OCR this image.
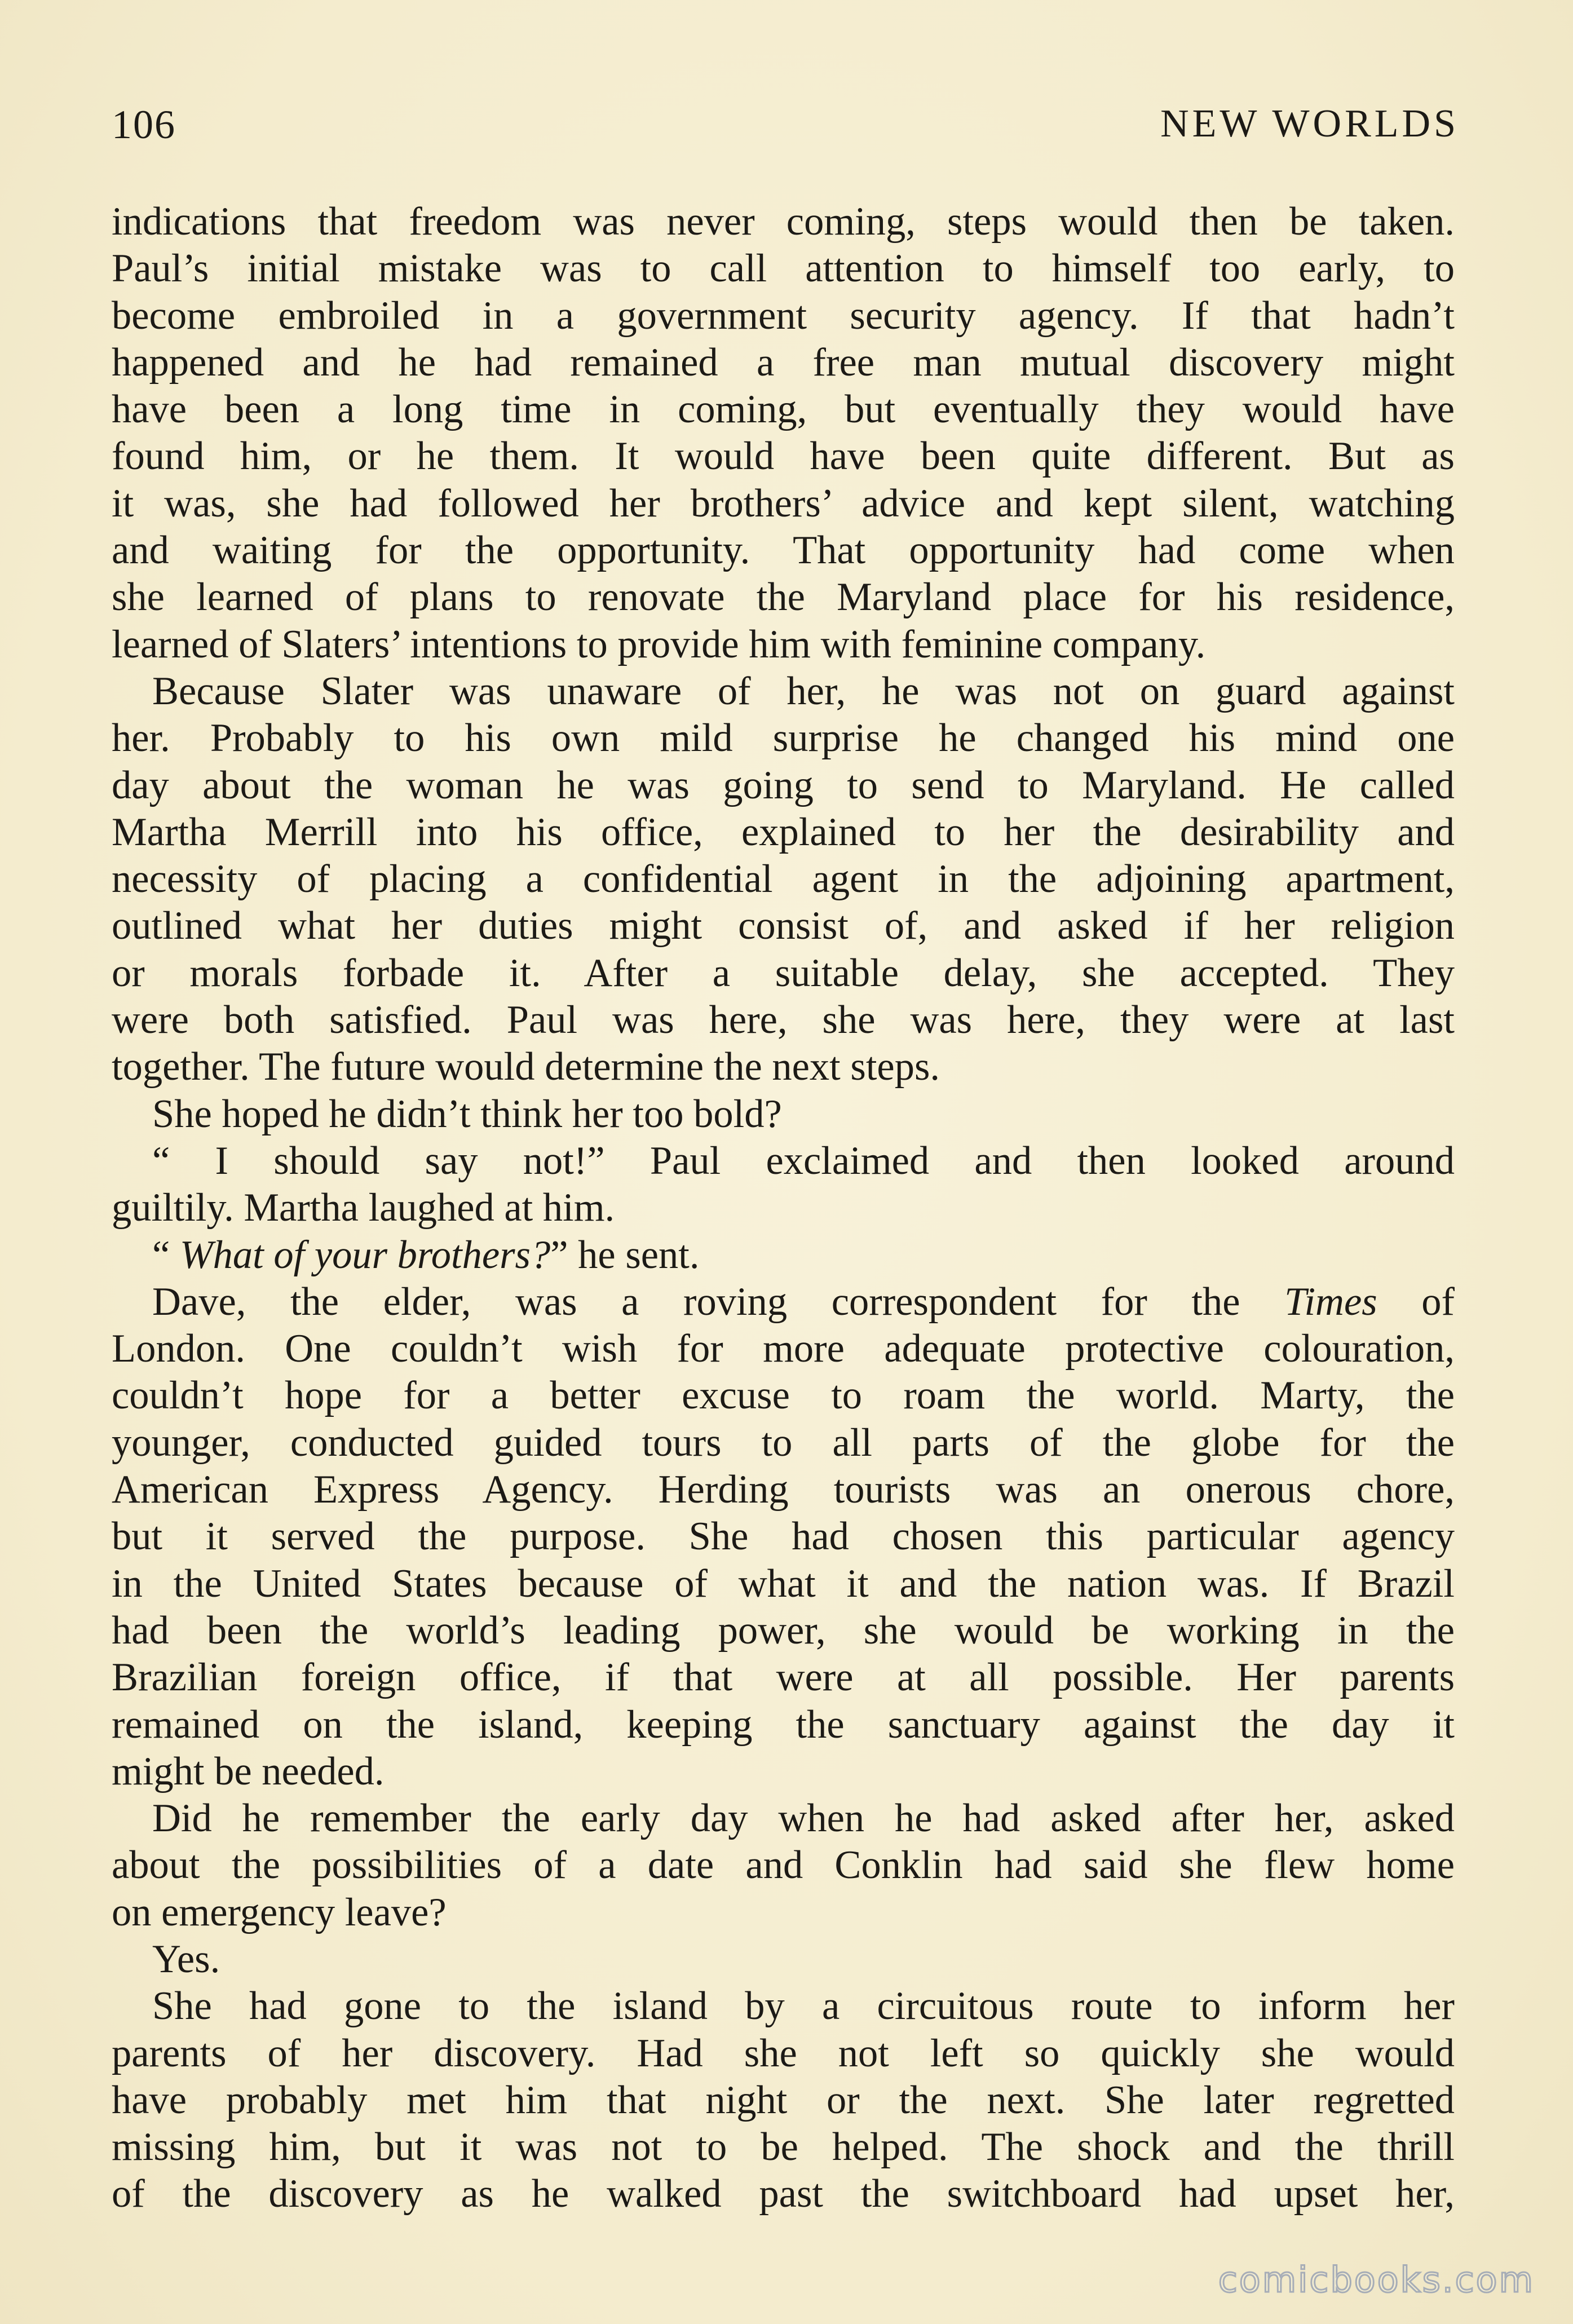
106	NEW WORLDS
indications that freedom was never coming, steps would then be taken.
Paul’s initial mistake was to call attention to himself too early, to
become embroiled in a government security agency. If that hadn’t
happened and he had remained a free man mutual discovery might
have been a long time in coming, but eventually they would have
found him, or he them. It would have been quite different. But as
it was, she had followed her brothers’ advice and kept silent, watching
and waiting for the opportunity. That opportunity had come when
she learned of plans to renovate the Maryland place for his residence,
learned of Slaters’ intentions to provide him with feminine company.
Because Slater was unaware of her, he was not on guard against
her. Probably to his own mild surprise he changed his mind one
day about the woman he was going to send to Maryland. He called
Martha Merrill into his office, explained to her the desirability and
necessity of placing a confidential agent in the adjoining apartment,
outlined what her duties might consist of, and asked if her religion
or morals forbade it. After a suitable delay, she accepted. They
were both satisfied. Paul was here, she was here, they were at last
together. The future would determine the next steps.
She hoped he didn’t think her too bold?
“ I should say not!” Paul exclaimed and then looked around
guiltily. Martha laughed at him.
“ What of your brothers?” he sent.
Dave, the elder, was a roving correspondent for the Times of
London. One couldn’t wish for more adequate protective colouration,
couldn’t hope for a better excuse to roam the world. Marty, the
younger, conducted guided tours to all parts of the globe for the
American Express Agency. Herding tourists was an onerous chore,
but it served the purpose. She had chosen this particular agency
in the United States because of what it and the nation was. If Brazil
had been the world’s leading power, she would be working in the
Brazilian foreign office, if that were at all possible. Her parents
remained on the island, keeping the sanctuary against the day it
might be needed.
Did he remember the early day when he had asked after her, asked
about the possibilities of a date and Conklin had said she flew home
on emergency leave?
Yes.
She had gone to the island by a circuitous route to inform her
parents of her discovery. Had she not left so quickly she would
have probably met him that night or the next. She later regretted
missing him, but it was not to be helped. The shock and the thrill
of the discovery as he walked past the switchboard had upset her,
comicbooks.com
